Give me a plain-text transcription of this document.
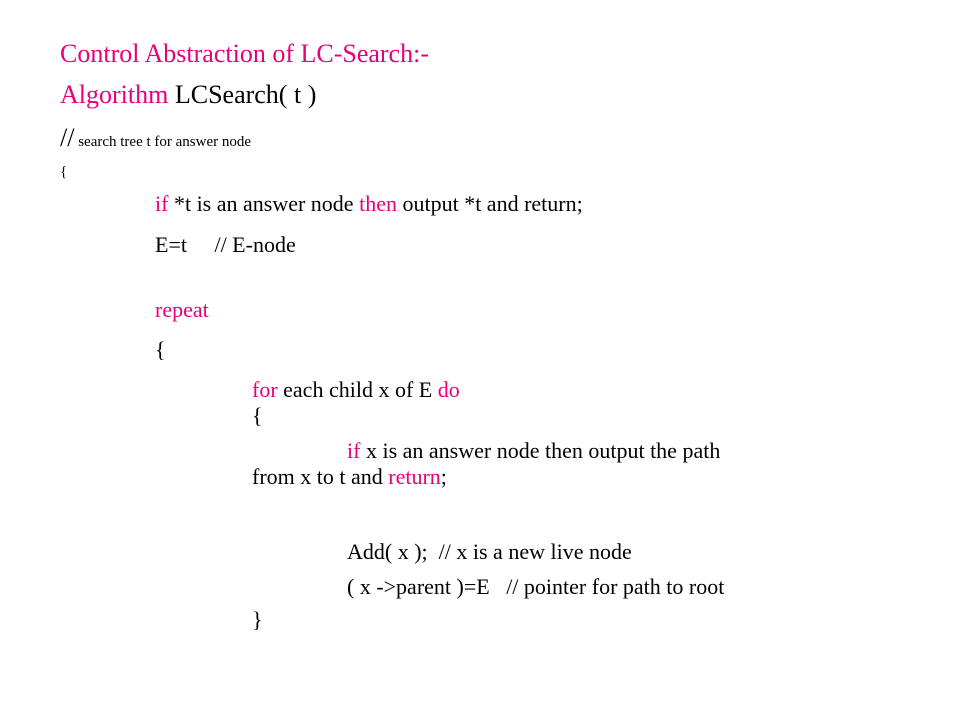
Control Abstraction of LC-Search:-
Algorithm LCSearch( t )
// search tree t for answer node
{
if *t is an answer node then output *t and return;
E=t     // E-node
repeat
{
for each child x of E do
{
if x is an answer node then output the path
from x to t and return;
Add( x );  // x is a new live node
( x ->parent )=E   // pointer for path to root
}
